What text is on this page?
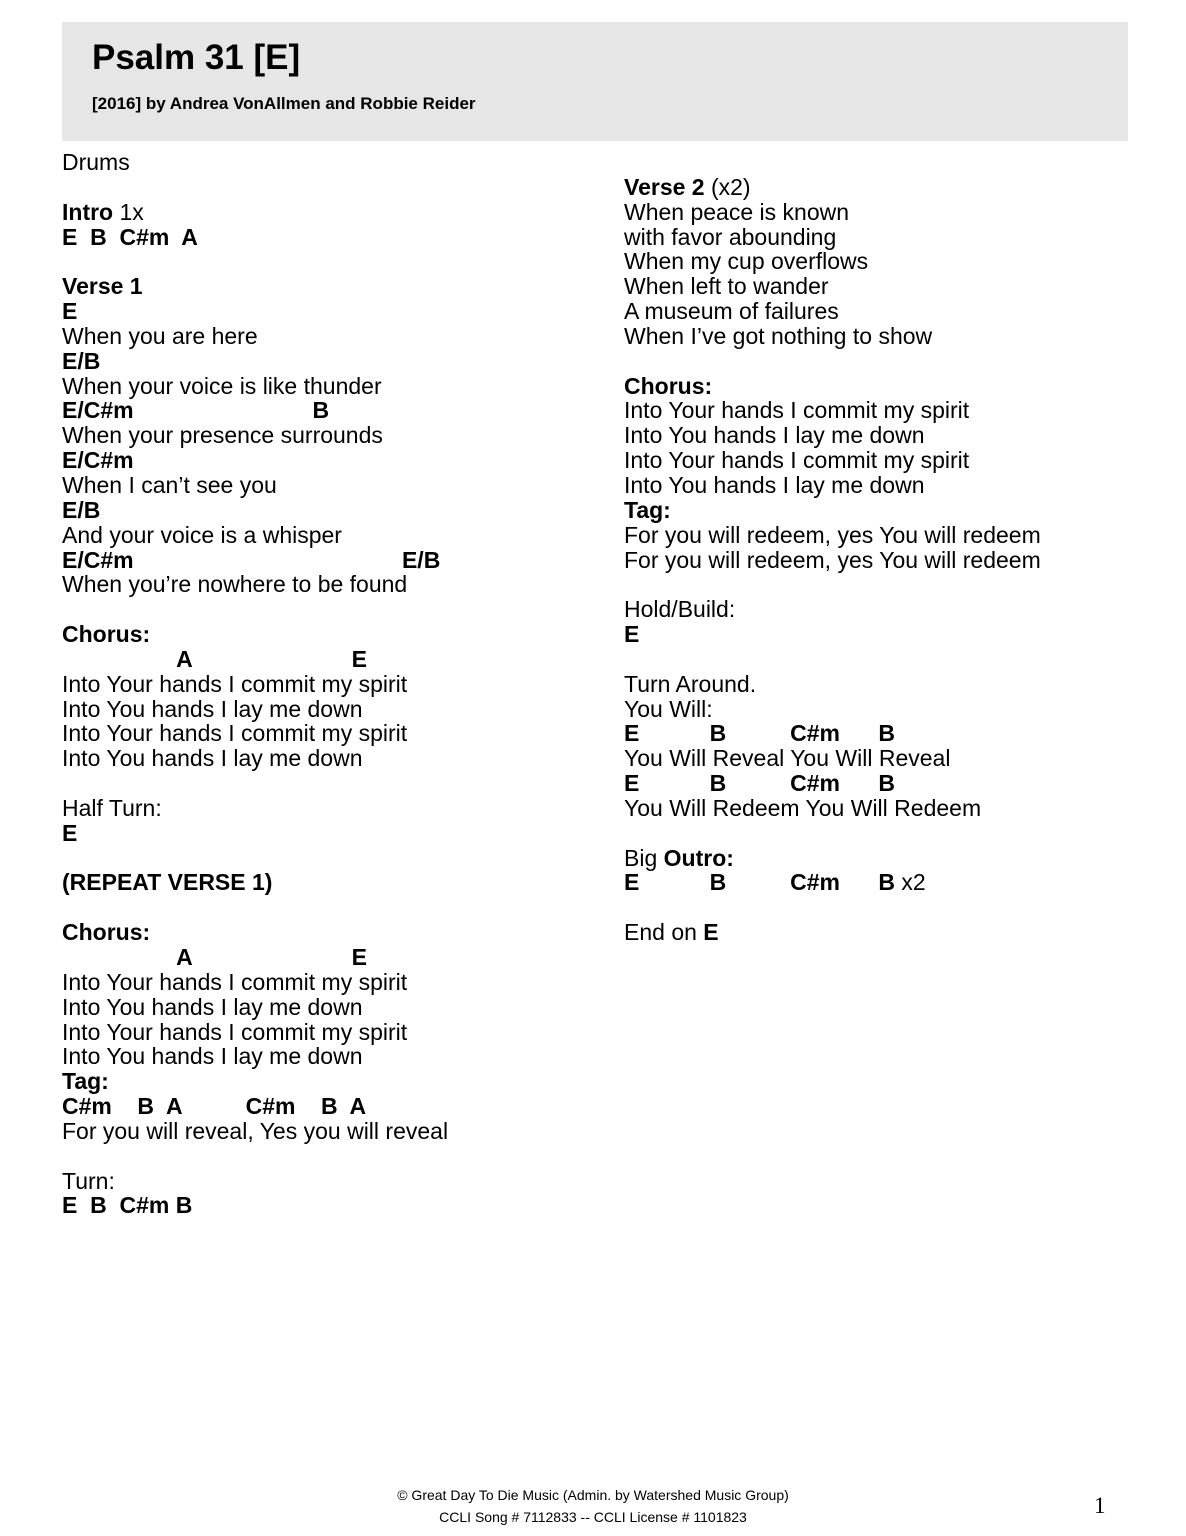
Psalm 31 [E]

[2016] by Andrea VonAllmen and Robbie Reider

Drums
Intro 1x
E  B  C#m  A
Verse 1
E
When you are here
E/B
When your voice is like thunder
E/C#m                            B
When your presence surrounds
E/C#m
When I can’t see you
E/B
And your voice is a whisper
E/C#m                                          E/B
When you’re nowhere to be found
Chorus:
A                         E
Into Your hands I commit my spirit
Into You hands I lay me down
Into Your hands I commit my spirit
Into You hands I lay me down
Half Turn:
E
(REPEAT VERSE 1)
Chorus:
A                         E
Into Your hands I commit my spirit
Into You hands I lay me down
Into Your hands I commit my spirit
Into You hands I lay me down
Tag:
C#m    B  A          C#m    B  A
For you will reveal, Yes you will reveal
Turn:
E  B  C#m B
Verse 2 (x2)
When peace is known
with favor abounding
When my cup overflows
When left to wander
A museum of failures
When I’ve got nothing to show
Chorus:
Into Your hands I commit my spirit
Into You hands I lay me down
Into Your hands I commit my spirit
Into You hands I lay me down
Tag:
For you will redeem, yes You will redeem
For you will redeem, yes You will redeem
Hold/Build:
E
Turn Around.
You Will:
E           B          C#m      B
You Will Reveal You Will Reveal
E           B          C#m      B
You Will Redeem You Will Redeem
Big Outro:
E           B          C#m      B x2
End on E
© Great Day To Die Music (Admin. by Watershed Music Group)
CCLI Song # 7112833 -- CCLI License # 1101823	1
